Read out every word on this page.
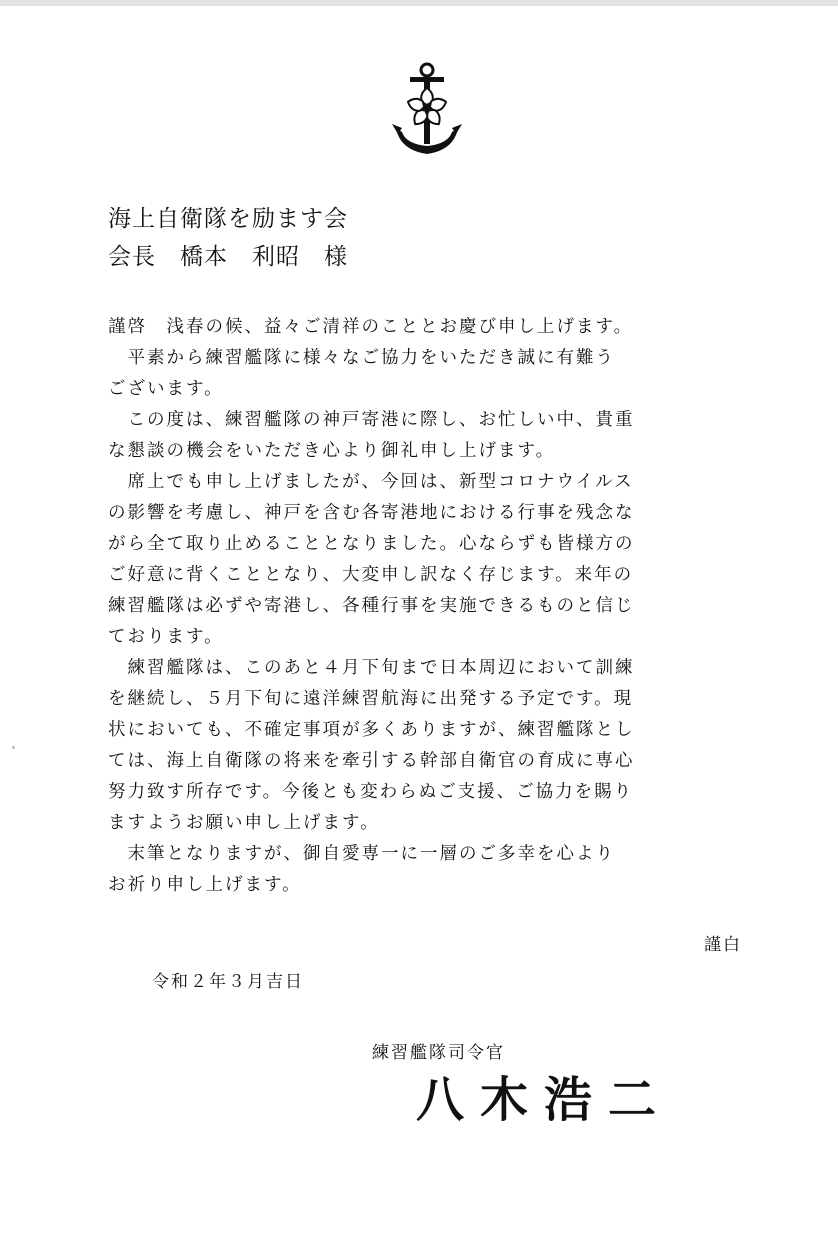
海上自衛隊を励ます会
会長　橋本　利昭　様
謹啓　浅春の候、益々ご清祥のこととお慶び申し上げます。
　平素から練習艦隊に様々なご協力をいただき誠に有難う
ございます。
　この度は、練習艦隊の神戸寄港に際し、お忙しい中、貴重
な懇談の機会をいただき心より御礼申し上げます。
　席上でも申し上げましたが、今回は、新型コロナウイルス
の影響を考慮し、神戸を含む各寄港地における行事を残念な
がら全て取り止めることとなりました。心ならずも皆様方の
ご好意に背くこととなり、大変申し訳なく存じます。来年の
練習艦隊は必ずや寄港し、各種行事を実施できるものと信じ
ております。
　練習艦隊は、このあと４月下旬まで日本周辺において訓練
を継続し、５月下旬に遠洋練習航海に出発する予定です。現
状においても、不確定事項が多くありますが、練習艦隊とし
ては、海上自衛隊の将来を牽引する幹部自衛官の育成に専心
努力致す所存です。今後とも変わらぬご支援、ご協力を賜り
ますようお願い申し上げます。
　末筆となりますが、御自愛専一に一層のご多幸を心より
お祈り申し上げます。
謹白
令和２年３月吉日
練習艦隊司令官
八木浩二
